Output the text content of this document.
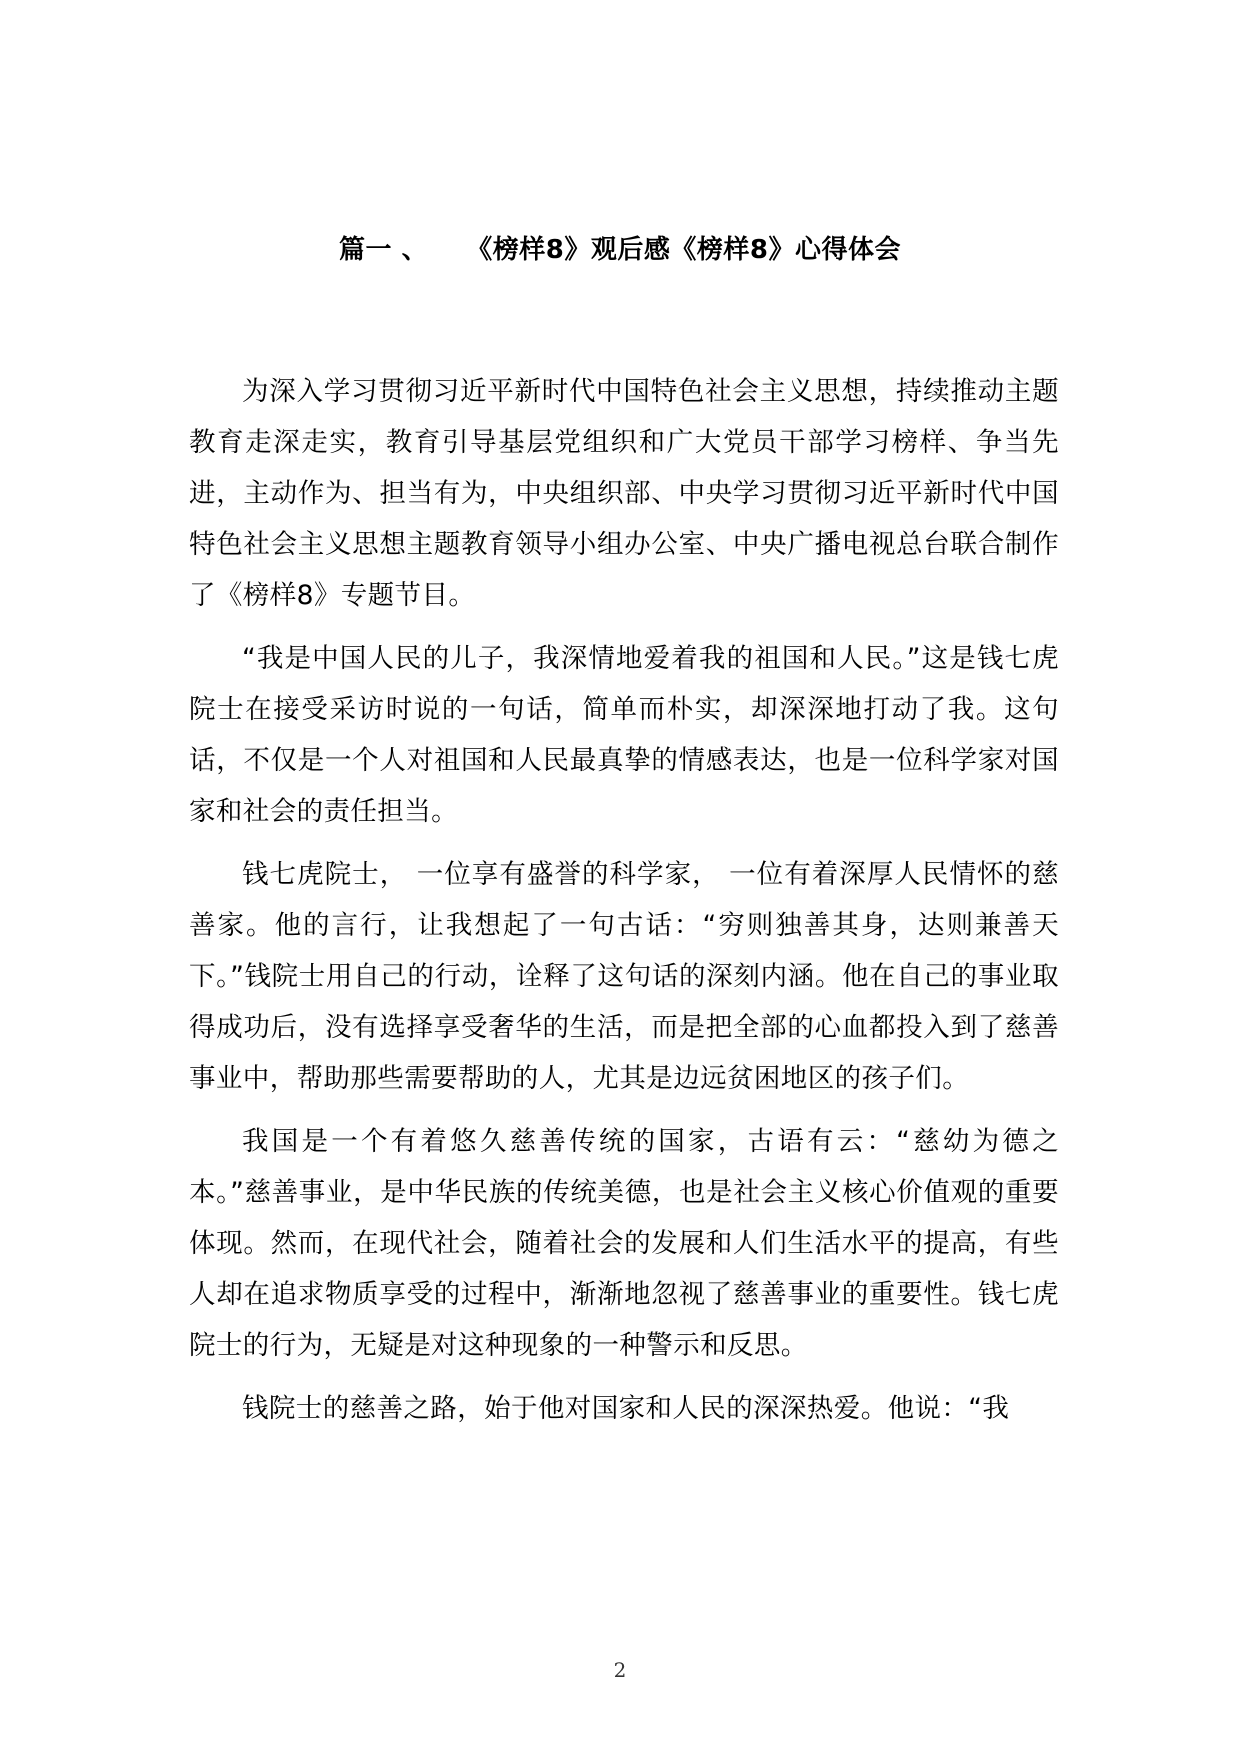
篇一 、    《榜样8》观后感《榜样8》心得体会

为深入学习贯彻习近平新时代中国特色社会主义思想，持续推动主题教育走深走实，教育引导基层党组织和广大党员干部学习榜样、争当先进，主动作为、担当有为，中央组织部、中央学习贯彻习近平新时代中国特色社会主义思想主题教育领导小组办公室、中央广播电视总台联合制作了《榜样8》专题节目。

“我是中国人民的儿子，我深情地爱着我的祖国和人民。”这是钱七虎院士在接受采访时说的一句话，简单而朴实，却深深地打动了我。这句话，不仅是一个人对祖国和人民最真挚的情感表达，也是一位科学家对国家和社会的责任担当。

钱七虎院士， 一位享有盛誉的科学家， 一位有着深厚人民情怀的慈善家。他的言行，让我想起了一句古话：“穷则独善其身，达则兼善天下。”钱院士用自己的行动，诠释了这句话的深刻内涵。他在自己的事业取得成功后，没有选择享受奢华的生活，而是把全部的心血都投入到了慈善事业中，帮助那些需要帮助的人，尤其是边远贫困地区的孩子们。

我国是一个有着悠久慈善传统的国家，古语有云：“慈幼为德之本。”慈善事业，是中华民族的传统美德，也是社会主义核心价值观的重要体现。然而，在现代社会，随着社会的发展和人们生活水平的提高，有些人却在追求物质享受的过程中，渐渐地忽视了慈善事业的重要性。钱七虎院士的行为，无疑是对这种现象的一种警示和反思。

钱院士的慈善之路，始于他对国家和人民的深深热爱。他说：“我

2
